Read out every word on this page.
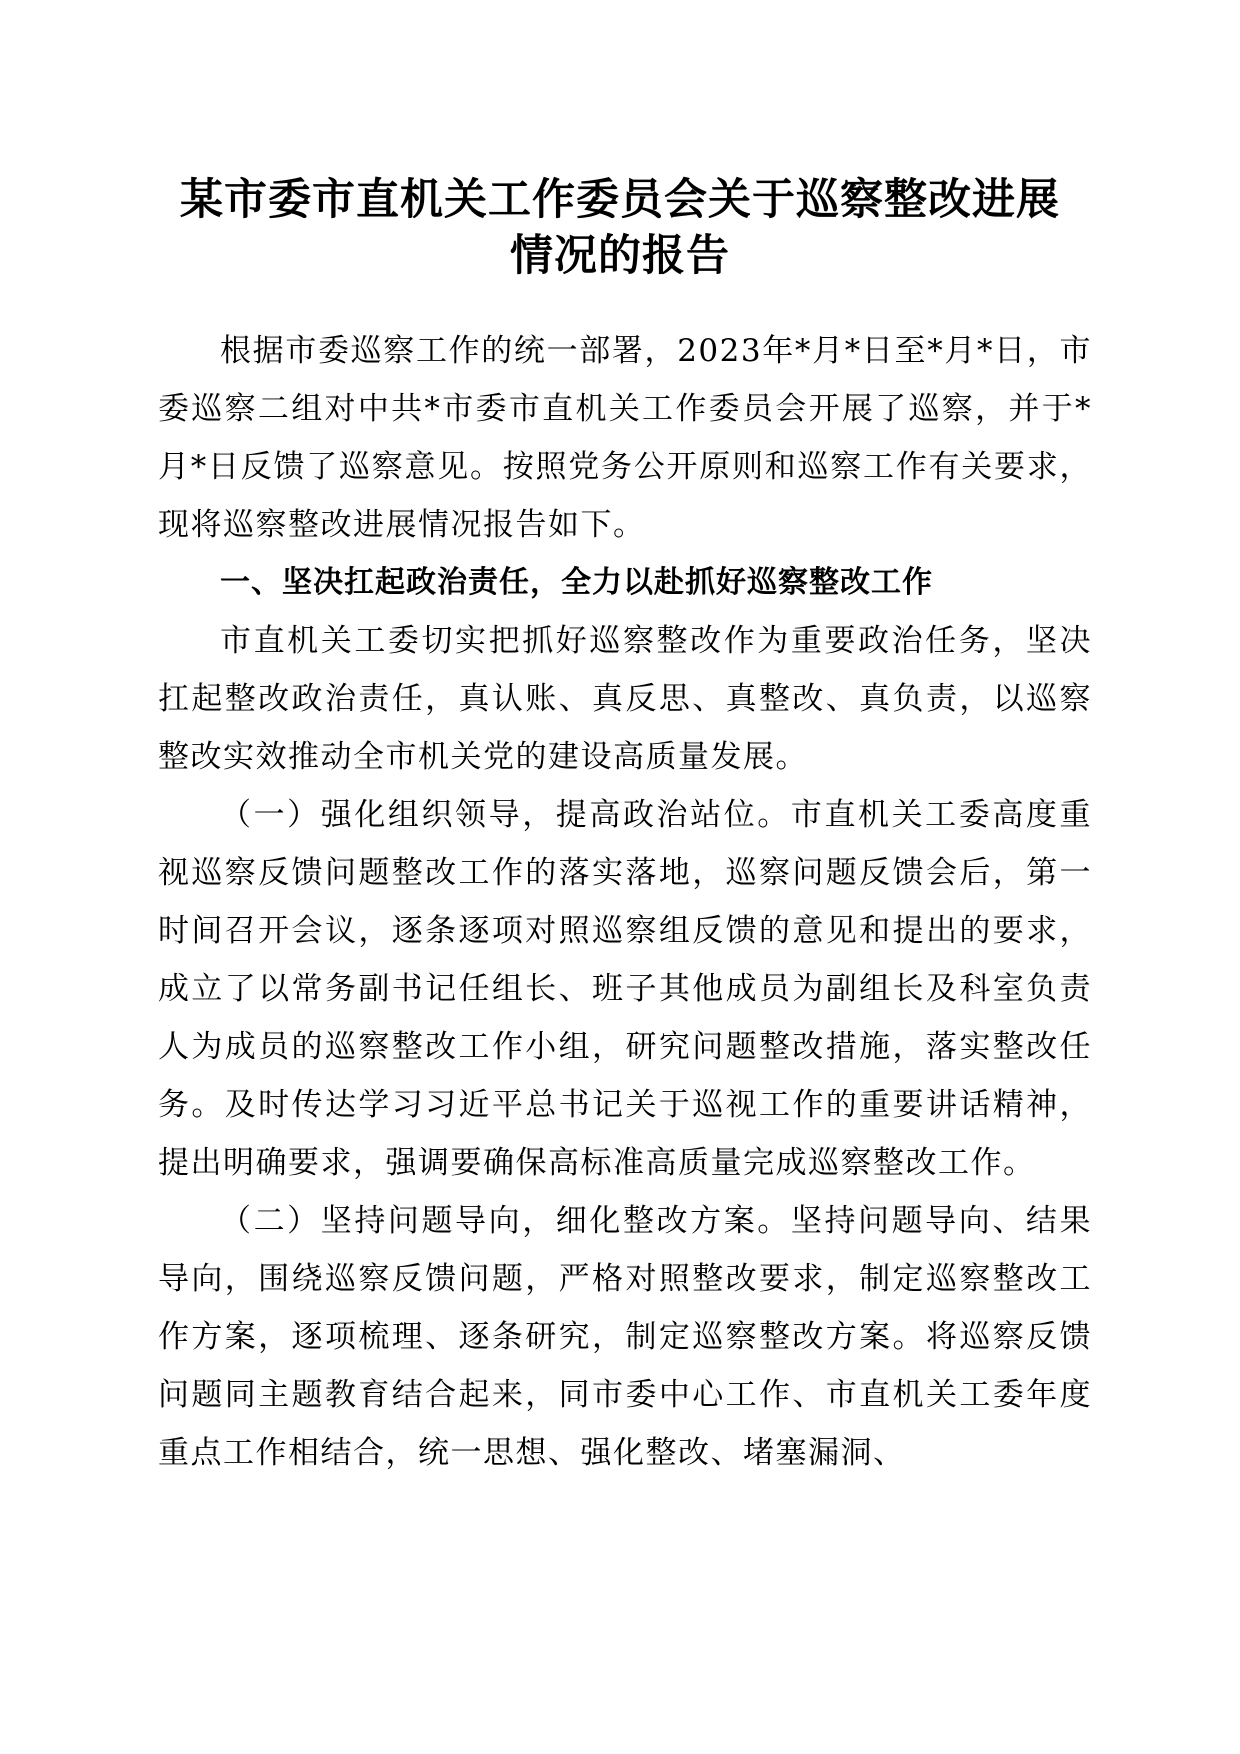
某市委市直机关工作委员会关于巡察整改进展
情况的报告

根据市委巡察工作的统一部署，2023年*月*日至*月*日，市委巡察二组对中共*市委市直机关工作委员会开展了巡察，并于*月*日反馈了巡察意见。按照党务公开原则和巡察工作有关要求，现将巡察整改进展情况报告如下。

一、坚决扛起政治责任，全力以赴抓好巡察整改工作

市直机关工委切实把抓好巡察整改作为重要政治任务，坚决扛起整改政治责任，真认账、真反思、真整改、真负责，以巡察整改实效推动全市机关党的建设高质量发展。

（一）强化组织领导，提高政治站位。市直机关工委高度重视巡察反馈问题整改工作的落实落地，巡察问题反馈会后，第一时间召开会议，逐条逐项对照巡察组反馈的意见和提出的要求，成立了以常务副书记任组长、班子其他成员为副组长及科室负责人为成员的巡察整改工作小组，研究问题整改措施，落实整改任务。及时传达学习习近平总书记关于巡视工作的重要讲话精神，提出明确要求，强调要确保高标准高质量完成巡察整改工作。

（二）坚持问题导向，细化整改方案。坚持问题导向、结果导向，围绕巡察反馈问题，严格对照整改要求，制定巡察整改工作方案，逐项梳理、逐条研究，制定巡察整改方案。将巡察反馈问题同主题教育结合起来，同市委中心工作、市直机关工委年度重点工作相结合，统一思想、强化整改、堵塞漏洞、
